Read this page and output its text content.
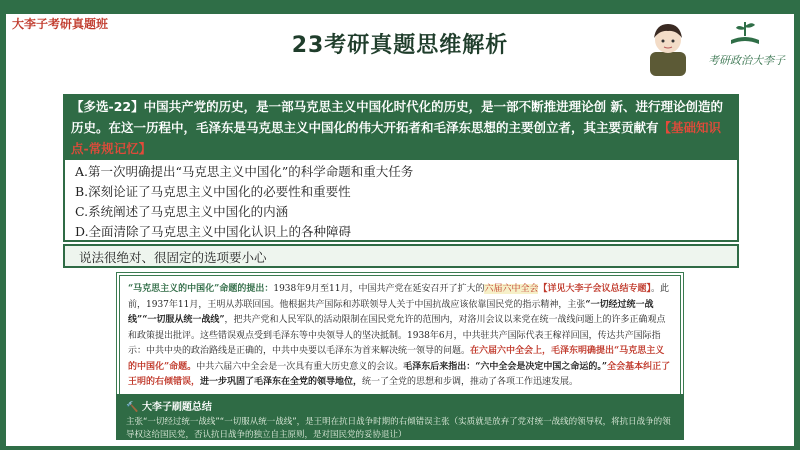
大李子考研真题班
23考研真题思维解析
考研政治大李子
【多选-22】中国共产党的历史，是一部马克思主义中国化时代化的历史，是一部不断推进理论创 新、进行理论创造的历史。在这一历程中，毛泽东是马克思主义中国化的伟大开拓者和毛泽东思想的主要创立者，其主要贡献有【基础知识点-常规记忆】
A.第一次明确提出“马克思主义中国化”的科学命题和重大任务
B.深刻论证了马克思主义中国化的必要性和重要性
C.系统阐述了马克思主义中国化的内涵
D.全面清除了马克思主义中国化认识上的各种障碍
说法很绝对、很固定的选项要小心
“马克思主义的中国化”命题的提出：1938年9月至11月，中国共产党在延安召开了扩大的六届六中全会【详见大李子会议总结专题】。此前，1937年11月，王明从苏联回国。他根据共产国际和苏联领导人关于中国抗战应该依靠国民党的指示精神，主张“一切经过统一战线”“一切服从统一战线”，把共产党和人民军队的活动限制在国民党允许的范围内，对洛川会议以来党在统一战线问题上的许多正确观点和政策提出批评。这些错误观点受到毛泽东等中央领导人的坚决抵制。1938年6月，中共驻共产国际代表王稼祥回国，传达共产国际指示：中共中央的政治路线是正确的，中共中央要以毛泽东为首来解决统一领导的问题。在六届六中全会上，毛泽东明确提出“马克思主义的中国化”命题。中共六届六中全会是一次具有重大历史意义的会议。毛泽东后来指出：“六中全会是决定中国之命运的。”全会基本纠正了王明的右倾错误，进一步巩固了毛泽东在全党的领导地位，统一了全党的思想和步调，推动了各项工作迅速发展。
🔨 大李子刷题总结
主张“一切经过统一战线”“一切服从统一战线”，是王明在抗日战争时期的右倾错误主张（实质就是放弃了党对统一战线的领导权，将抗日战争的领导权这给国民党，否认抗日战争的独立自主原则，是对国民党的妥协退让）
